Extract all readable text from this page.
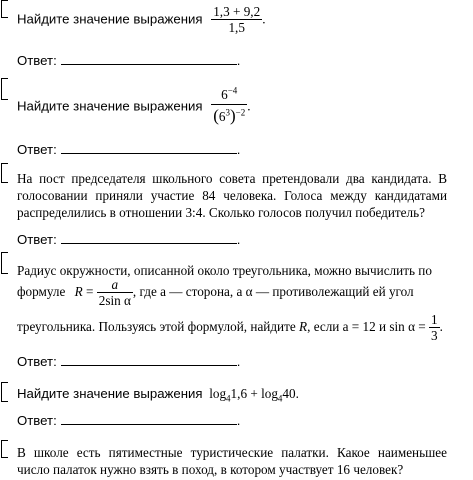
Найдите значение выражения $\frac{1,3 + 9,2}{1,5}$ .
Ответ:	.
Найдите значение выражения $\frac{6^{-4}}{(6^3)^{-2}}$ .
Ответ:	.
На пост председателя школьного совета претендовали два кандидата. В голосовании приняли участие 84 человека. Голоса между кандидатами распределились в отношении 3:4. Сколько голосов получил победитель?
Ответ:	.
Радиус окружности, описанной около треугольника, можно вычислить по
формуле $R = \frac{a}{\text{2sin α}}$ , где a — сторона, а α — противолежащий ей угол
треугольника. Пользуясь этой формулой, найдите R, если a = 12 и $\sin \alpha = \frac{1}{3}$ .
Ответ:	.
Найдите значение выражения $\log_41,6 + \log_440$.
Ответ:	.
В школе есть пятиместные туристические палатки. Какое наименьшее число палаток нужно взять в поход, в котором участвует 16 человек?
